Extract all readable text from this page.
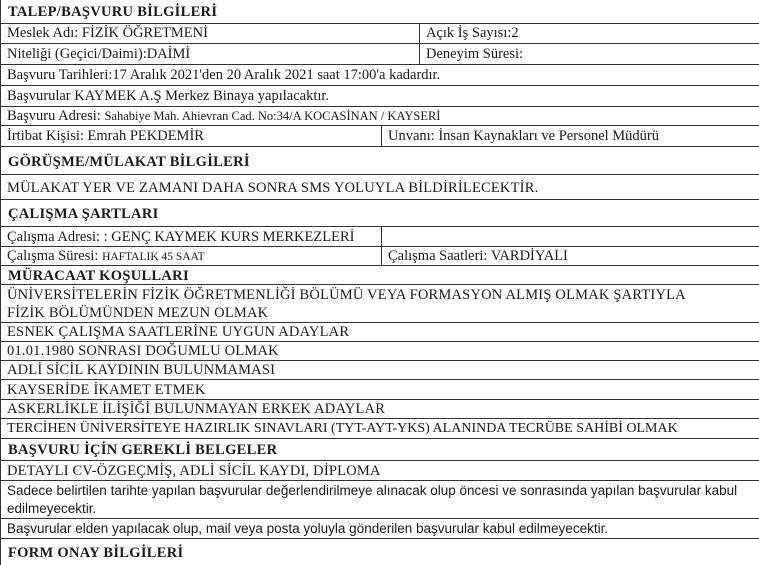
TALEP/BAŞVURU BİLGİLERİ
Meslek Adı: FİZİK ÖĞRETMENİ	Açık İş Sayısı:2
Niteliği (Geçici/Daimi):DAİMİ	Deneyim Süresi:
Başvuru Tarihleri:17 Aralık 2021'den 20 Aralık 2021 saat 17:00'a kadardır.
Başvurular KAYMEK A.Ş Merkez Binaya yapılacaktır.
Başvuru Adresi: Sahabiye Mah. Ahievran Cad. No:34/A KOCASİNAN / KAYSERİ
İrtibat Kişisi: Emrah PEKDEMİR	Unvanı: İnsan Kaynakları ve Personel Müdürü
GÖRÜŞME/MÜLAKAT BİLGİLERİ
MÜLAKAT YER VE ZAMANI DAHA SONRA SMS YOLUYLA BİLDİRİLECEKTİR.
ÇALIŞMA ŞARTLARI
Çalışma Adresi: : GENÇ KAYMEK KURS MERKEZLERİ
Çalışma Süresi: HAFTALIK 45 SAAT	Çalışma Saatleri: VARDİYALI
MÜRACAAT KOŞULLARI
ÜNİVERSİTELERİN FİZİK ÖĞRETMENLİĞİ BÖLÜMÜ VEYA FORMASYON ALMIŞ OLMAK ŞARTIYLA FİZİK BÖLÜMÜNDEN MEZUN OLMAK
ESNEK ÇALIŞMA SAATLERİNE UYGUN ADAYLAR
01.01.1980 SONRASI DOĞUMLU OLMAK
ADLİ SİCİL KAYDININ BULUNMAMASI
KAYSERİDE İKAMET ETMEK
ASKERLİKLE İLİŞİĞİ BULUNMAYAN ERKEK ADAYLAR
TERCİHEN ÜNİVERSİTEYE HAZIRLIK SINAVLARI (TYT-AYT-YKS) ALANINDA TECRÜBE SAHİBİ OLMAK
BAŞVURU İÇİN GEREKLİ BELGELER
DETAYLI CV-ÖZGEÇMİŞ, ADLİ SİCİL KAYDI, DİPLOMA
Sadece belirtilen tarihte yapılan başvurular değerlendirilmeye alınacak olup öncesi ve sonrasında yapılan başvurular kabul edilmeyecektir.
Başvurular elden yapılacak olup, mail veya posta yoluyla gönderilen başvurular kabul edilmeyecektir.
FORM ONAY BİLGİLERİ
